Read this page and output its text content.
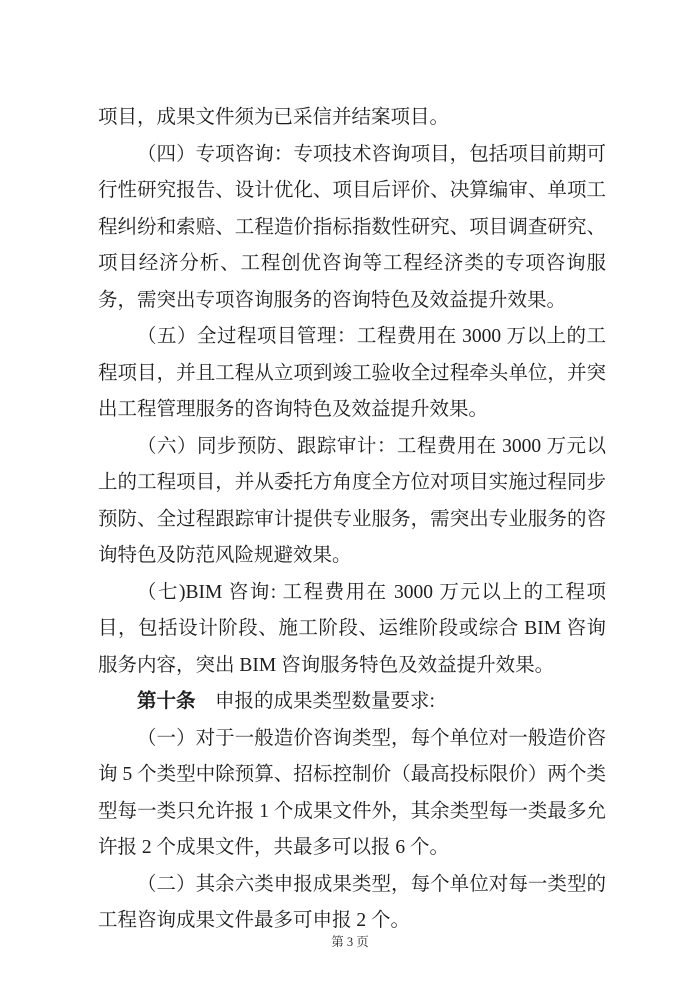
项目，成果文件须为已采信并结案项目。

（四）专项咨询：专项技术咨询项目，包括项目前期可行性研究报告、设计优化、项目后评价、决算编审、单项工程纠纷和索赔、工程造价指标指数性研究、项目调查研究、项目经济分析、工程创优咨询等工程经济类的专项咨询服务，需突出专项咨询服务的咨询特色及效益提升效果。

（五）全过程项目管理：工程费用在 3000 万以上的工程项目，并且工程从立项到竣工验收全过程牵头单位，并突出工程管理服务的咨询特色及效益提升效果。

（六）同步预防、跟踪审计：工程费用在 3000 万元以上的工程项目，并从委托方角度全方位对项目实施过程同步预防、全过程跟踪审计提供专业服务，需突出专业服务的咨询特色及防范风险规避效果。

（七)BIM 咨询: 工程费用在 3000 万元以上的工程项目，包括设计阶段、施工阶段、运维阶段或综合 BIM 咨询服务内容，突出 BIM 咨询服务特色及效益提升效果。

第十条　申报的成果类型数量要求:

（一）对于一般造价咨询类型，每个单位对一般造价咨询 5 个类型中除预算、招标控制价（最高投标限价）两个类型每一类只允许报 1 个成果文件外，其余类型每一类最多允许报 2 个成果文件，共最多可以报 6 个。

（二）其余六类申报成果类型，每个单位对每一类型的工程咨询成果文件最多可申报 2 个。

第 3 页
